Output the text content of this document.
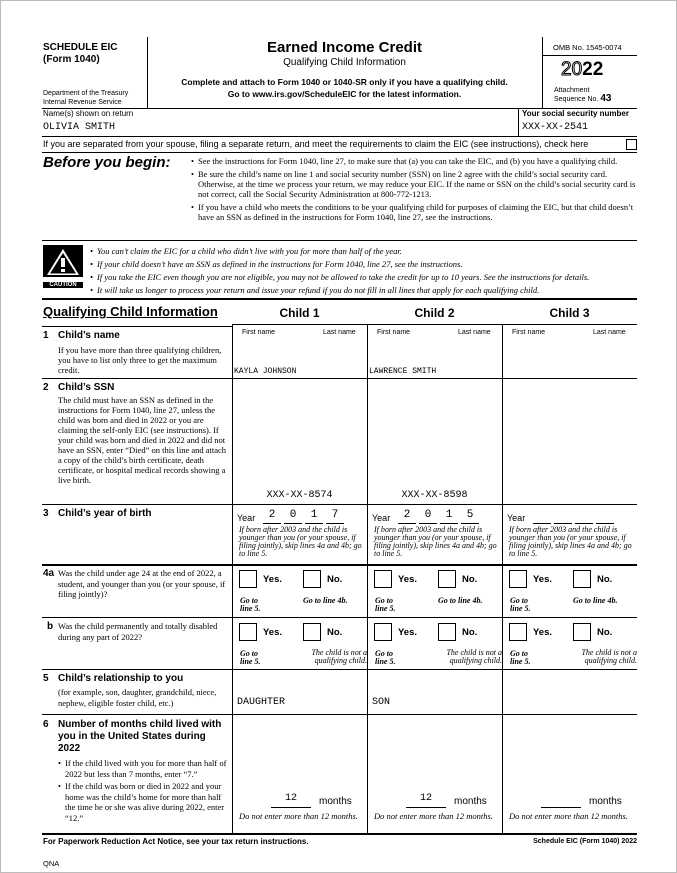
SCHEDULE EIC
(Form 1040)
Department of the Treasury
Internal Revenue Service
Earned Income Credit
Qualifying Child Information
Complete and attach to Form 1040 or 1040-SR only if you have a qualifying child.
Go to www.irs.gov/ScheduleEIC for the latest information.
OMB No. 1545-0074
2022
Attachment
Sequence No. 43
Name(s) shown on return
OLIVIA SMITH
Your social security number
XXX-XX-2541
If you are separated from your spouse, filing a separate return, and meet the requirements to claim the EIC (see instructions), check here
Before you begin:
•	See the instructions for Form 1040, line 27, to make sure that (a) you can take the EIC, and (b) you have a qualifying child.
• Be sure the child’s name on line 1 and social security number (SSN) on line 2 agree with the child’s social security card. Otherwise, at the time we process your return, we may reduce your EIC. If the name or SSN on the child’s social security card is not correct, call the Social Security Administration at 800-772-1213.
• If you have a child who meets the conditions to be your qualifying child for purposes of claiming the EIC, but that child doesn’t have an SSN as defined in the instructions for Form 1040, line 27, see the instructions.
CAUTION
• You can’t claim the EIC for a child who didn’t live with you for more than half of the year.
• If your child doesn’t have an SSN as defined in the instructions for Form 1040, line 27, see the instructions.
• If you take the EIC even though you are not eligible, you may not be allowed to take the credit for up to 10 years. See the instructions for details.
• It will take us longer to process your return and issue your refund if you do not fill in all lines that apply for each qualifying child.
Qualifying Child Information	Child 1	Child 2	Child 3
1 Child’s name
If you have more than three qualifying children, you have to list only three to get the maximum credit.
First name	Last name	First name	Last name	First name	Last name
KAYLA JOHNSON	LAWRENCE SMITH
2 Child’s SSN
The child must have an SSN as defined in the instructions for Form 1040, line 27, unless the child was born and died in 2022 or you are claiming the self-only EIC (see instructions). If your child was born and died in 2022 and did not have an SSN, enter “Died” on this line and attach a copy of the child’s birth certificate, death certificate, or hospital medical records showing a live birth.
XXX-XX-8574	XXX-XX-8598
3 Child’s year of birth	Year	2	0	1	7
If born after 2003 and the child is younger than you (or your spouse, if filing jointly), skip lines 4a and 4b; go to line 5.
Year	2	0	1	5
If born after 2003 and the child is younger than you (or your spouse, if filing jointly), skip lines 4a and 4b; go to line 5.
Year
If born after 2003 and the child is younger than you (or your spouse, if filing jointly), skip lines 4a and 4b; go to line 5.
4a Was the child under age 24 at the end of 2022, a student, and younger than you (or your spouse, if filing jointly)?
Yes.	No.
Go to line 5.
Go to line 4b.
Yes.	No.
Go to line 5.
Go to line 4b.
Yes.	No.
Go to line 5.
Go to line 4b.
b Was the child permanently and totally disabled during any part of 2022?	Yes.	No.
Go to line 5.
The child is not a qualifying child.
Yes.	No.
Go to line 5.
The child is not a qualifying child.
Yes.	No.
Go to line 5.
The child is not a qualifying child.
5 Child’s relationship to you
(for example, son, daughter, grandchild, niece, nephew, eligible foster child, etc.)	DAUGHTER	SON
6 Number of months child lived with you in the United States during 2022
• If the child lived with you for more than half of 2022 but less than 7 months, enter “7.”
• If the child was born or died in 2022 and your home was the child’s home for more than half the time he or she was alive during 2022, enter “12.”
12	months
Do not enter more than 12 months.
12	months
Do not enter more than 12 months.
months
Do not enter more than 12 months.
For Paperwork Reduction Act Notice, see your tax return instructions.	Schedule EIC (Form 1040) 2022
QNA
